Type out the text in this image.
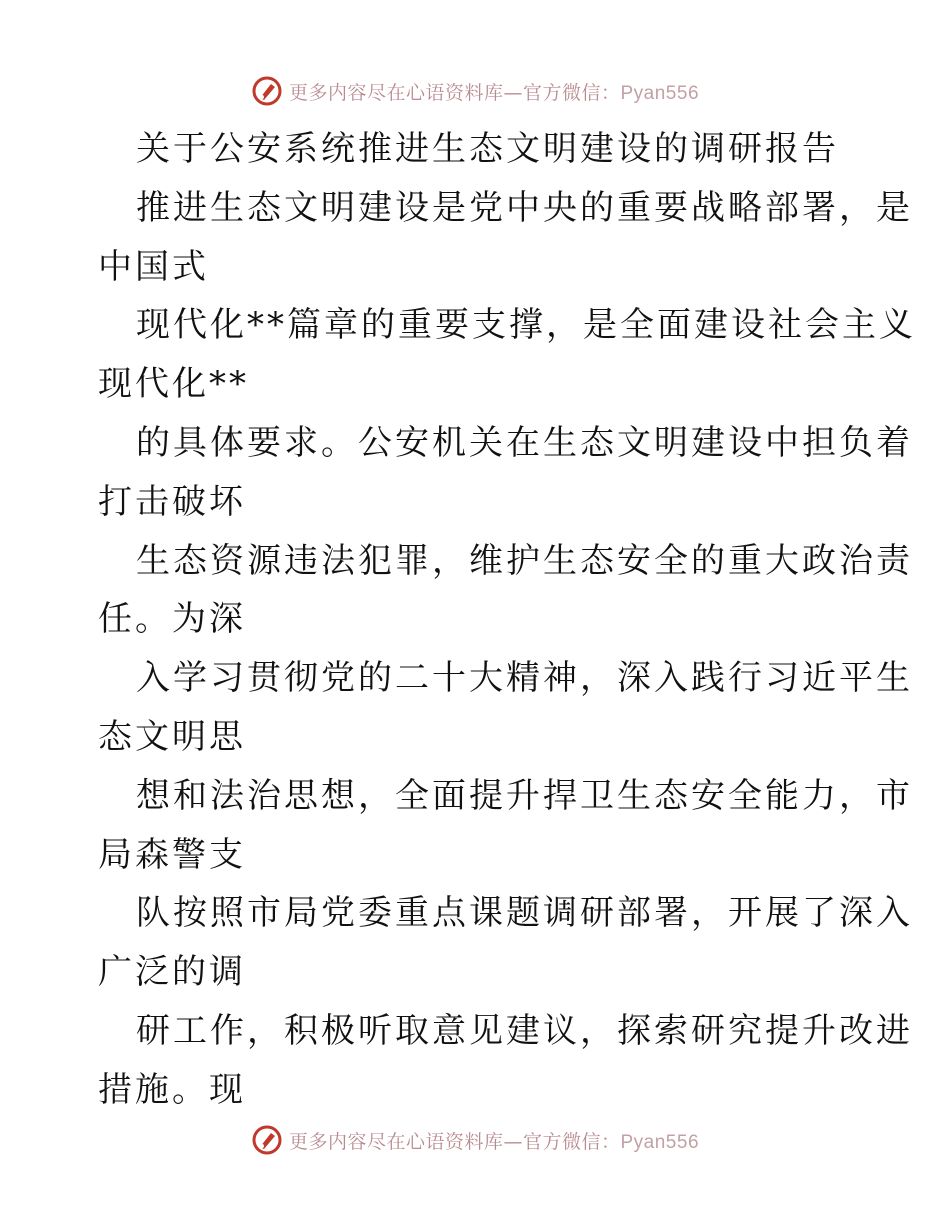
更多内容尽在心语资料库—官方微信：Pyan556
关于公安系统推进生态文明建设的调研报告
推进生态文明建设是党中央的重要战略部署，是
中国式
现代化**篇章的重要支撑，是全面建设社会主义
现代化**
的具体要求。公安机关在生态文明建设中担负着
打击破坏
生态资源违法犯罪，维护生态安全的重大政治责
任。为深
入学习贯彻党的二十大精神，深入践行习近平生
态文明思
想和法治思想，全面提升捍卫生态安全能力，市
局森警支
队按照市局党委重点课题调研部署，开展了深入
广泛的调
研工作，积极听取意见建议，探索研究提升改进
措施。现
更多内容尽在心语资料库—官方微信：Pyan556
